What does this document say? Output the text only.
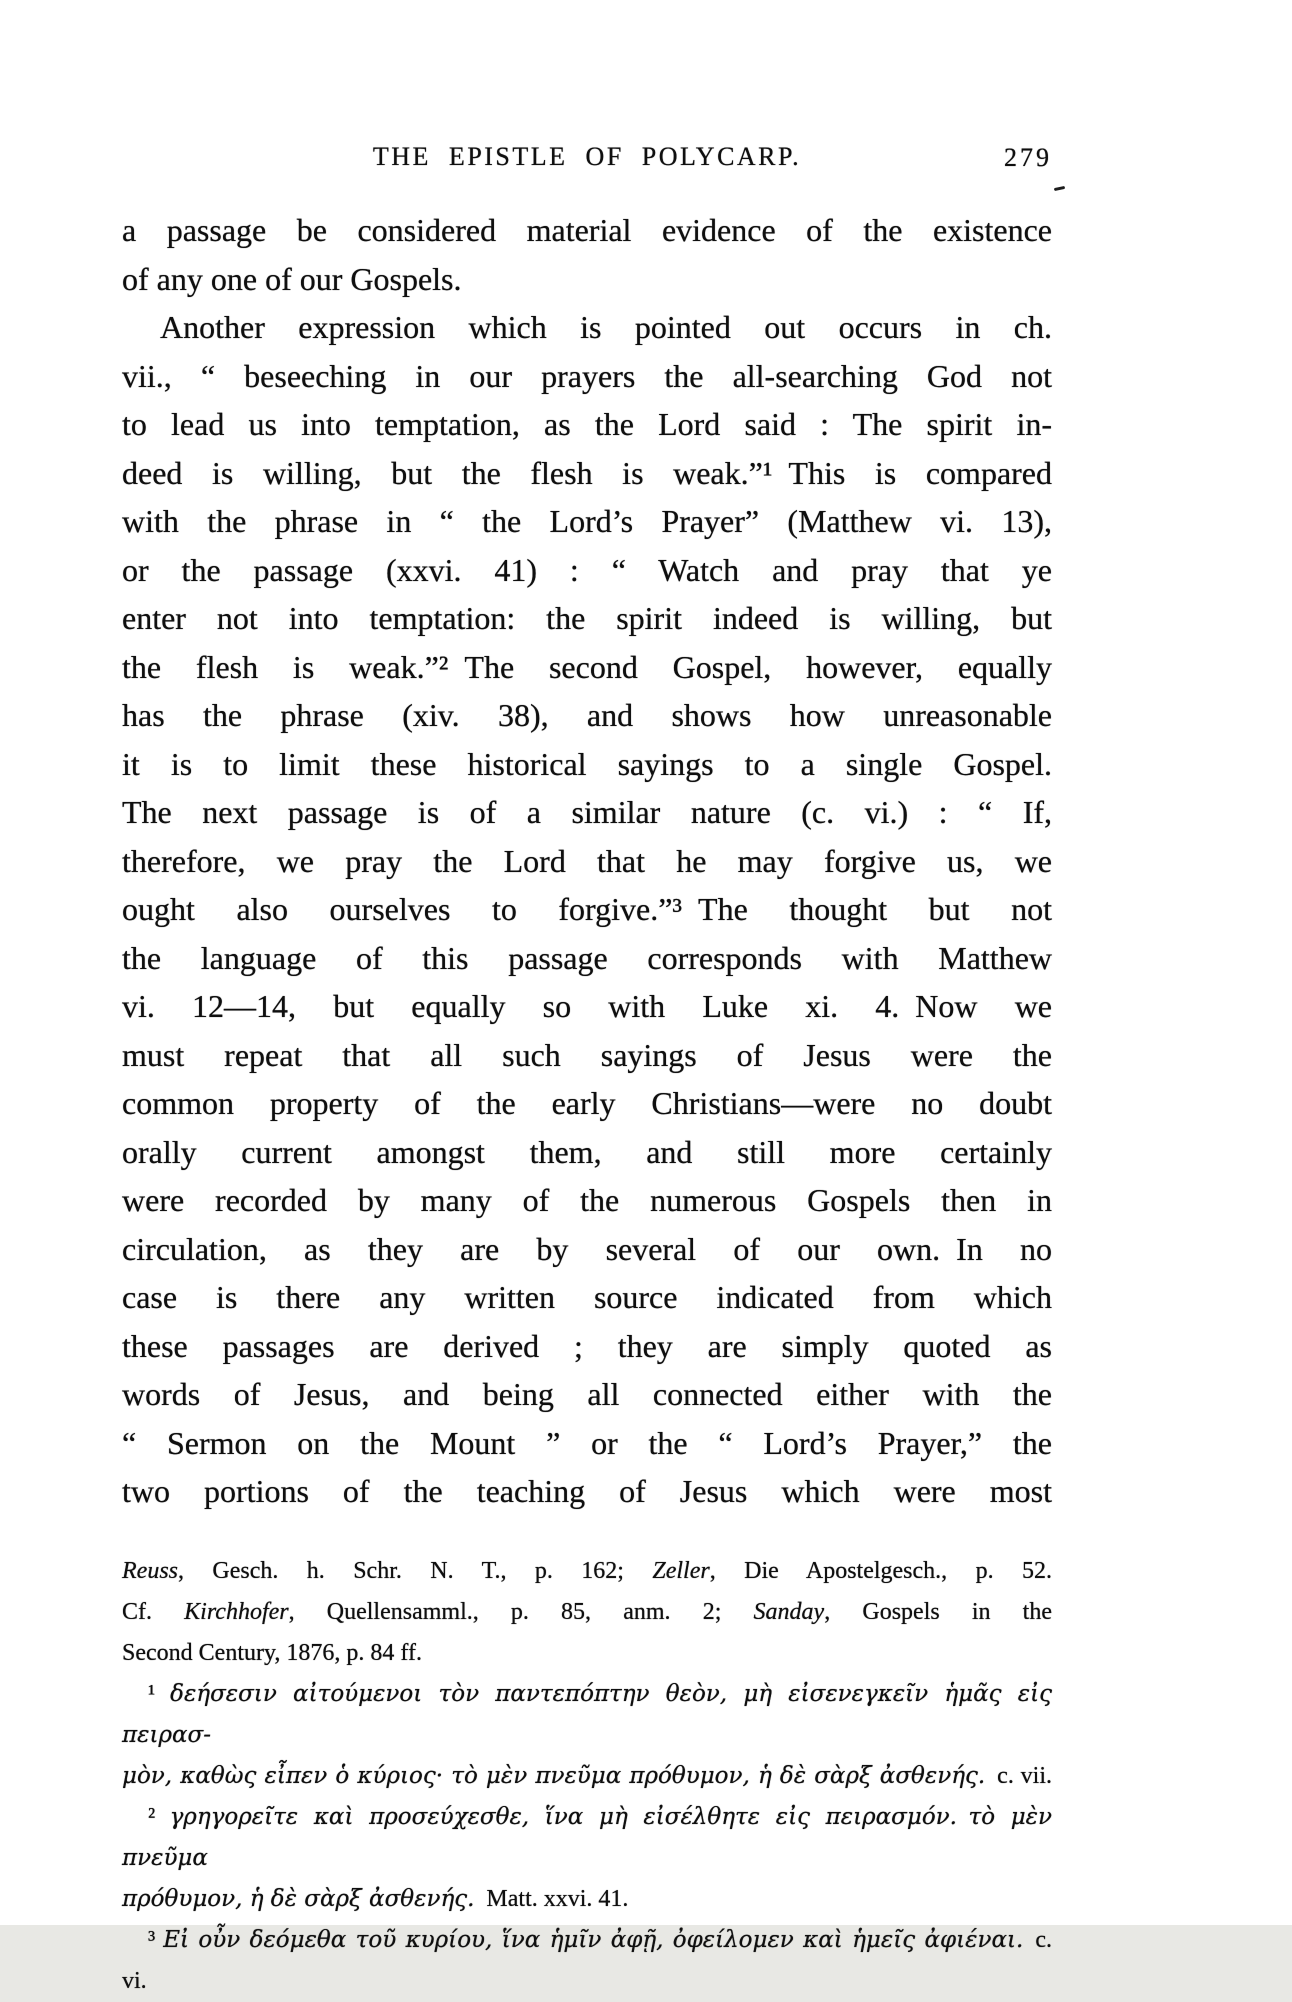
THE EPISTLE OF POLYCARP.	279
a passage be considered material evidence of the existence
of any one of our Gospels.
Another expression which is pointed out occurs in ch.
vii., “ beseeching in our prayers the all-searching God not
to lead us into temptation, as the Lord said : The spirit in-
deed is willing, but the flesh is weak.”¹ This is compared
with the phrase in “ the Lord’s Prayer” (Matthew vi. 13),
or the passage (xxvi. 41) : “ Watch and pray that ye
enter not into temptation: the spirit indeed is willing, but
the flesh is weak.”² The second Gospel, however, equally
has the phrase (xiv. 38), and shows how unreasonable
it is to limit these historical sayings to a single Gospel.
The next passage is of a similar nature (c. vi.) : “ If,
therefore, we pray the Lord that he may forgive us, we
ought also ourselves to forgive.”³ The thought but not
the language of this passage corresponds with Matthew
vi. 12—14, but equally so with Luke xi. 4. Now we
must repeat that all such sayings of Jesus were the
common property of the early Christians—were no doubt
orally current amongst them, and still more certainly
were recorded by many of the numerous Gospels then in
circulation, as they are by several of our own. In no
case is there any written source indicated from which
these passages are derived ; they are simply quoted as
words of Jesus, and being all connected either with the
“ Sermon on the Mount ” or the “ Lord’s Prayer,” the
two portions of the teaching of Jesus which were most
Reuss, Gesch. h. Schr. N. T., p. 162; Zeller, Die Apostelgesch., p. 52.
Cf. Kirchhofer, Quellensamml., p. 85, anm. 2; Sanday, Gospels in the
Second Century, 1876, p. 84 ff.
¹ δεήσεσιν αἰτούμενοι τὸν παντεπόπτην θεὸν, μὴ εἰσενεγκεῖν ἡμᾶς εἰς πειρασ-
μὸν, καθὼς εἶπεν ὁ κύριος· τὸ μὲν πνεῦμα πρόθυμον, ἡ δὲ σὰρξ ἀσθενής. c. vii.
² γρηγορεῖτε καὶ προσεύχεσθε, ἵνα μὴ εἰσέλθητε εἰς πειρασμόν. τὸ μὲν πνεῦμα
πρόθυμον, ἡ δὲ σὰρξ ἀσθενής. Matt. xxvi. 41.
³ Εἰ οὖν δεόμεθα τοῦ κυρίου, ἵνα ἡμῖν ἀφῇ, ὀφείλομεν καὶ ἡμεῖς ἀφιέναι. c. vi.
